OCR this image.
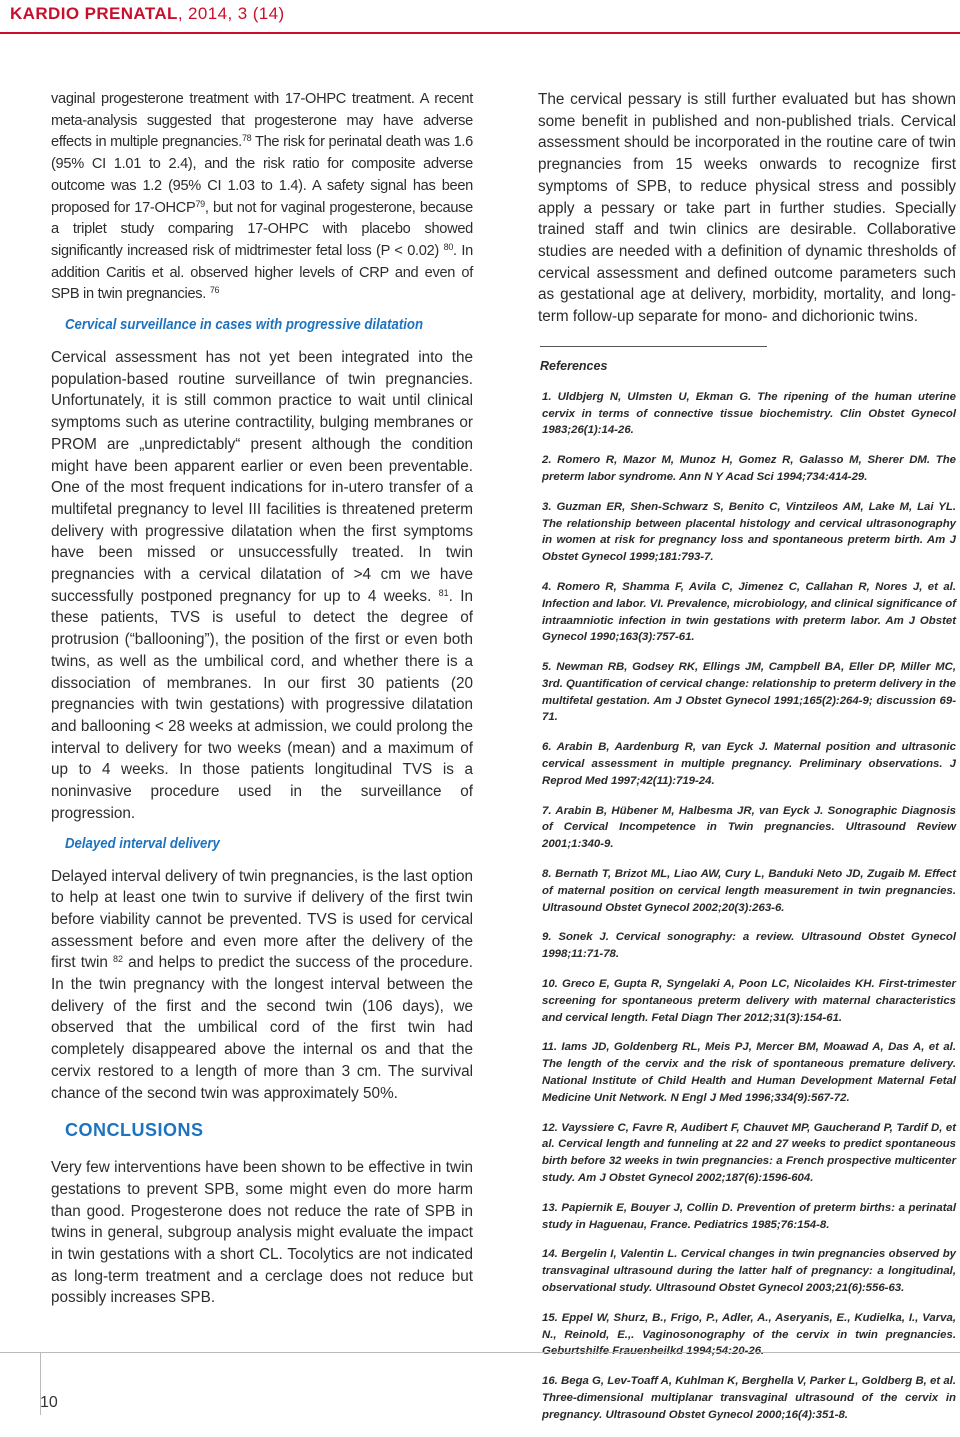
KARDIO PRENATAL, 2014, 3 (14)

vaginal progesterone treatment with 17-OHPC treatment. A recent meta-analysis suggested that progesterone may have adverse effects in multiple pregnancies.$^{78}$ The risk for perinatal death was 1.6 (95% CI 1.01 to 2.4), and the risk ratio for composite adverse outcome was 1.2 (95% CI 1.03 to 1.4). A safety signal has been proposed for 17-OHCP$^{79}$, but not for vaginal progesterone, because a triplet study comparing 17-OHPC with placebo showed significantly increased risk of midtrimester fetal loss (P < 0.02) $^{80}$. In addition Caritis et al. observed higher levels of CRP and even of SPB in twin pregnancies. $^{76}$

Cervical surveillance in cases with progressive dilatation

Cervical assessment has not yet been integrated into the population-based routine surveillance of twin pregnancies. Unfortunately, it is still common practice to wait until clinical symptoms such as uterine contractility, bulging membranes or PROM are „unpredictably“ present although the condition might have been apparent earlier or even been preventable. One of the most frequent indications for in-utero transfer of a multifetal pregnancy to level III facilities is threatened preterm delivery with progressive dilatation when the first symptoms have been missed or unsuccessfully treated. In twin pregnancies with a cervical dilatation of >4 cm we have successfully postponed pregnancy for up to 4 weeks. $^{81}$. In these patients, TVS is useful to detect the degree of protrusion (“ballooning”), the position of the first or even both twins, as well as the umbilical cord, and whether there is a dissociation of membranes. In our first 30 patients (20 pregnancies with twin gestations) with progressive dilatation and ballooning < 28 weeks at admission, we could prolong the interval to delivery for two weeks (mean) and a maximum of up to 4 weeks. In those patients longitudinal TVS is a noninvasive procedure used in the surveillance of progression.

Delayed interval delivery

Delayed interval delivery of twin pregnancies, is the last option to help at least one twin to survive if delivery of the first twin before viability cannot be prevented. TVS is used for cervical assessment before and even more after the delivery of the first twin $^{82}$ and helps to predict the success of the procedure. In the twin pregnancy with the longest interval between the delivery of the first and the second twin (106 days), we observed that the umbilical cord of the first twin had completely disappeared above the internal os and that the cervix restored to a length of more than 3 cm. The survival chance of the second twin was approximately 50%.

CONCLUSIONS

Very few interventions have been shown to be effective in twin gestations to prevent SPB, some might even do more harm than good. Progesterone does not reduce the rate of SPB in twins in general, subgroup analysis might evaluate the impact in twin gestations with a short CL. Tocolytics are not indicated as long-term treatment and a cerclage does not reduce but possibly increases SPB.

The cervical pessary is still further evaluated but has shown some benefit in published and non-published trials. Cervical assessment should be incorporated in the routine care of twin pregnancies from 15 weeks onwards to recognize first symptoms of SPB, to reduce physical stress and possibly apply a pessary or take part in further studies. Specially trained staff and twin clinics are desirable. Collaborative studies are needed with a definition of dynamic thresholds of cervical assessment and defined outcome parameters such as gestational age at delivery, morbidity, mortality, and long-term follow-up separate for mono- and dichorionic twins.

References

1. Uldbjerg N, Ulmsten U, Ekman G. The ripening of the human uterine cervix in terms of connective tissue biochemistry. Clin Obstet Gynecol 1983;26(1):14-26.

2. Romero R, Mazor M, Munoz H, Gomez R, Galasso M, Sherer DM. The preterm labor syndrome. Ann N Y Acad Sci 1994;734:414-29.

3. Guzman ER, Shen-Schwarz S, Benito C, Vintzileos AM, Lake M, Lai YL. The relationship between placental histology and cervical ultrasonography in women at risk for pregnancy loss and spontaneous preterm birth. Am J Obstet Gynecol 1999;181:793-7.

4. Romero R, Shamma F, Avila C, Jimenez C, Callahan R, Nores J, et al. Infection and labor. VI. Prevalence, microbiology, and clinical significance of intraamniotic infection in twin gestations with preterm labor. Am J Obstet Gynecol 1990;163(3):757-61.

5. Newman RB, Godsey RK, Ellings JM, Campbell BA, Eller DP, Miller MC, 3rd. Quantification of cervical change: relationship to preterm delivery in the multifetal gestation. Am J Obstet Gynecol 1991;165(2):264-9; discussion 69-71.

6. Arabin B, Aardenburg R, van Eyck J. Maternal position and ultrasonic cervical assessment in multiple pregnancy. Preliminary observations. J Reprod Med 1997;42(11):719-24.

7. Arabin B, Hübener M, Halbesma JR, van Eyck J. Sonographic Diagnosis of Cervical Incompetence in Twin pregnancies. Ultrasound Review 2001;1:340-9.

8. Bernath T, Brizot ML, Liao AW, Cury L, Banduki Neto JD, Zugaib M. Effect of maternal position on cervical length measurement in twin pregnancies. Ultrasound Obstet Gynecol 2002;20(3):263-6.

9. Sonek J. Cervical sonography: a review. Ultrasound Obstet Gynecol 1998;11:71-78.

10. Greco E, Gupta R, Syngelaki A, Poon LC, Nicolaides KH. First-trimester screening for spontaneous preterm delivery with maternal characteristics and cervical length. Fetal Diagn Ther 2012;31(3):154-61.

11. Iams JD, Goldenberg RL, Meis PJ, Mercer BM, Moawad A, Das A, et al. The length of the cervix and the risk of spontaneous premature delivery. National Institute of Child Health and Human Development Maternal Fetal Medicine Unit Network. N Engl J Med 1996;334(9):567-72.

12. Vayssiere C, Favre R, Audibert F, Chauvet MP, Gaucherand P, Tardif D, et al. Cervical length and funneling at 22 and 27 weeks to predict spontaneous birth before 32 weeks in twin pregnancies: a French prospective multicenter study. Am J Obstet Gynecol 2002;187(6):1596-604.

13. Papiernik E, Bouyer J, Collin D. Prevention of preterm births: a perinatal study in Haguenau, France. Pediatrics 1985;76:154-8.

14. Bergelin I, Valentin L. Cervical changes in twin pregnancies observed by transvaginal ultrasound during the latter half of pregnancy: a longitudinal, observational study. Ultrasound Obstet Gynecol 2003;21(6):556-63.

15. Eppel W, Shurz, B., Frigo, P., Adler, A., Aseryanis, E., Kudielka, I., Varva, N., Reinold, E.,. Vaginosonography of the cervix in twin pregnancies.

16. Bega G, Lev-Toaff A, Kuhlman K, Berghella V, Parker L, Goldberg B, et al. Three-dimensional multiplanar transvaginal ultrasound of the cervix in pregnancy. Ultrasound Obstet Gynecol 2000;16(4):351-8.

10
